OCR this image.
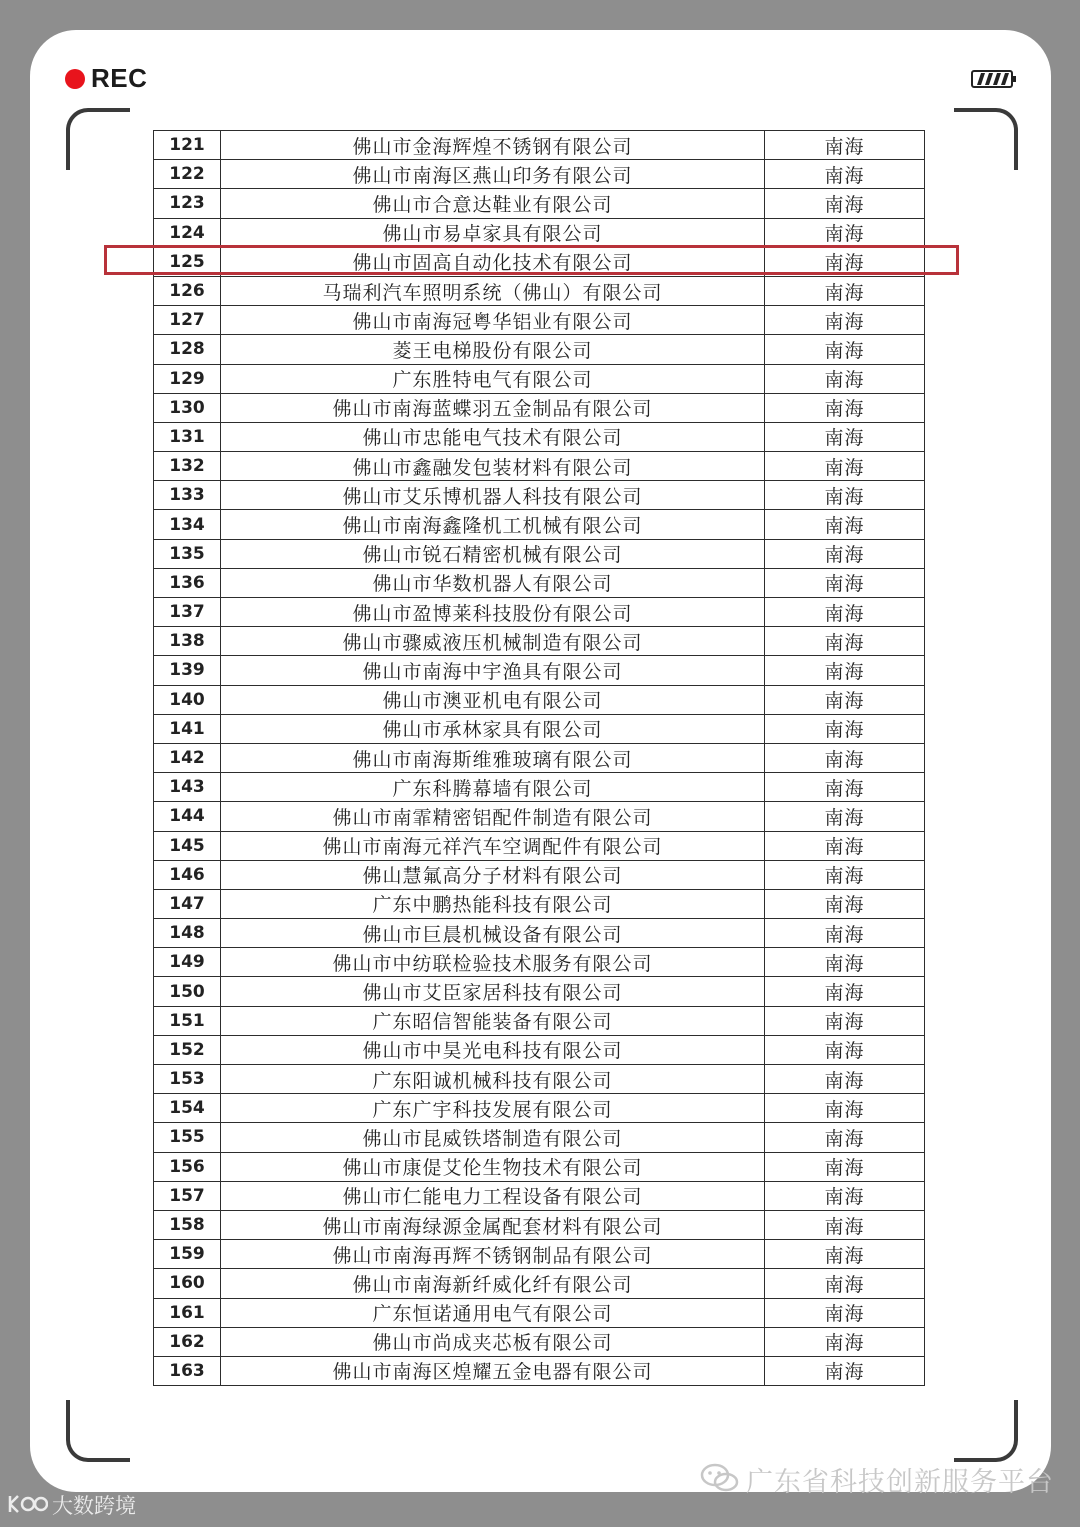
REC
121	佛山市金海辉煌不锈钢有限公司	南海
122	佛山市南海区燕山印务有限公司	南海
123	佛山市合意达鞋业有限公司	南海
124	佛山市易卓家具有限公司	南海
125	佛山市固高自动化技术有限公司	南海
126	马瑞利汽车照明系统（佛山）有限公司	南海
127	佛山市南海冠粤华铝业有限公司	南海
128	菱王电梯股份有限公司	南海
129	广东胜特电气有限公司	南海
130	佛山市南海蓝蝶羽五金制品有限公司	南海
131	佛山市忠能电气技术有限公司	南海
132	佛山市鑫融发包装材料有限公司	南海
133	佛山市艾乐博机器人科技有限公司	南海
134	佛山市南海鑫隆机工机械有限公司	南海
135	佛山市锐石精密机械有限公司	南海
136	佛山市华数机器人有限公司	南海
137	佛山市盈博莱科技股份有限公司	南海
138	佛山市骤威液压机械制造有限公司	南海
139	佛山市南海中宇渔具有限公司	南海
140	佛山市澳亚机电有限公司	南海
141	佛山市承林家具有限公司	南海
142	佛山市南海斯维雅玻璃有限公司	南海
143	广东科腾幕墙有限公司	南海
144	佛山市南霏精密铝配件制造有限公司	南海
145	佛山市南海元祥汽车空调配件有限公司	南海
146	佛山慧氟高分子材料有限公司	南海
147	广东中鹏热能科技有限公司	南海
148	佛山市巨晨机械设备有限公司	南海
149	佛山市中纺联检验技术服务有限公司	南海
150	佛山市艾臣家居科技有限公司	南海
151	广东昭信智能装备有限公司	南海
152	佛山市中昊光电科技有限公司	南海
153	广东阳诚机械科技有限公司	南海
154	广东广宇科技发展有限公司	南海
155	佛山市昆威铁塔制造有限公司	南海
156	佛山市康偍艾伦生物技术有限公司	南海
157	佛山市仁能电力工程设备有限公司	南海
158	佛山市南海绿源金属配套材料有限公司	南海
159	佛山市南海再辉不锈钢制品有限公司	南海
160	佛山市南海新纤威化纤有限公司	南海
161	广东恒诺通用电气有限公司	南海
162	佛山市尚成夹芯板有限公司	南海
163	佛山市南海区煌耀五金电器有限公司	南海
广东省科技创新服务平台
大数跨境
